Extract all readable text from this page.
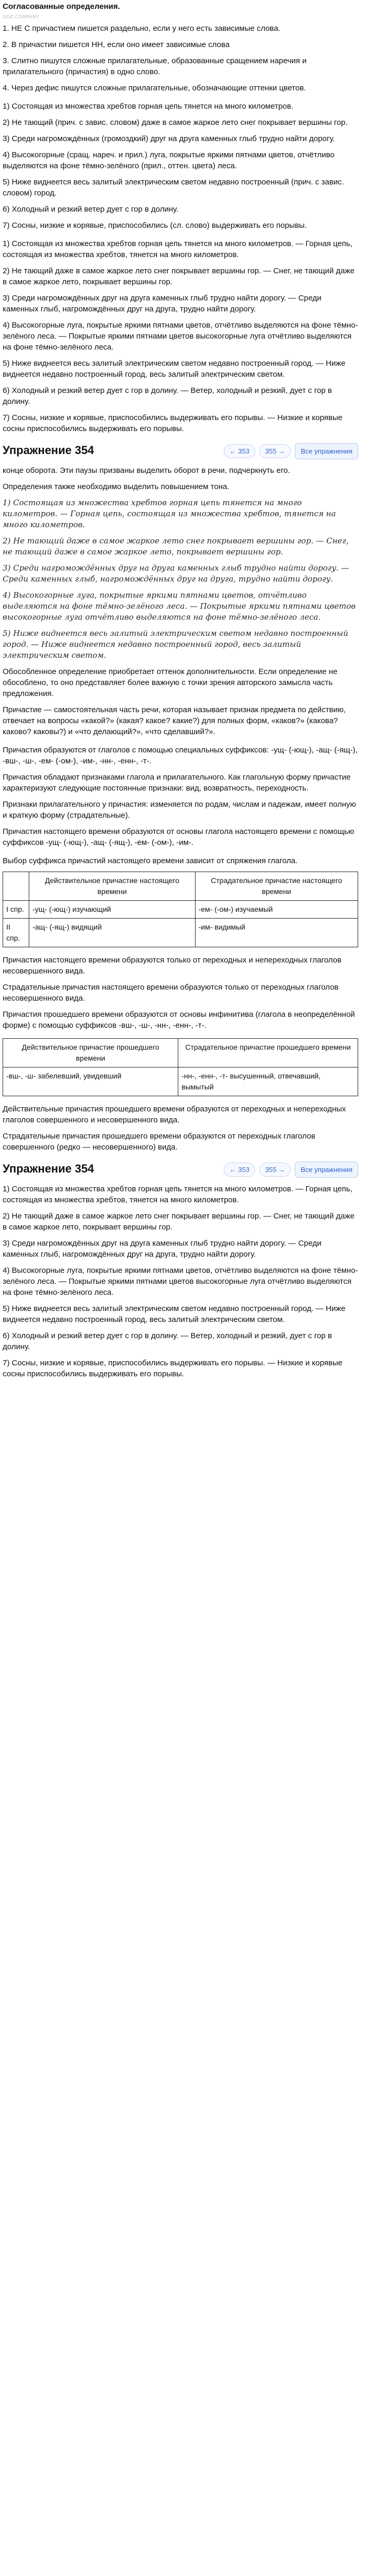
Согласованные определения.
GDZ.COMPANY

1. НЕ С причастием пишется раздельно, если у него есть зависимые слова.

2. В причастии пишется НН, если оно имеет зависимые слова

3. Слитно пишутся сложные прилагательные, образованные сращением наречия и прилагательного (причастия) в одно слово.

4. Через дефис пишутся сложные прилагательные, обозначающие оттенки цветов.

1) Состоящая из множества хребтов горная цепь тянется на много километров.

2) Не тающий (прич. с завис. словом) даже в самое жаркое лето снег покрывает вершины гор.

3) Среди нагромождённых (громоздкий) друг на друга каменных глыб трудно найти дорогу.

4) Высокогорные (сращ. нареч. и прил.) луга, покрытые яркими пятнами цветов, отчётливо выделяются на фоне тёмно-зелёного (прил., оттен. цвета) леса.

5) Ниже виднеется весь залитый электрическим светом недавно построенный (прич. с завис. словом) город.

6) Холодный и резкий ветер дует с гор в долину.

7) Сосны, низкие и корявые, приспособились (сл. слово) выдерживать его порывы.

1) Состоящая из множества хребтов горная цепь тянется на много километров. — Горная цепь, состоящая из множества хребтов, тянется на много километров.

2) Не тающий даже в самое жаркое лето снег покрывает вершины гор. — Снег, не тающий даже в самое жаркое лето, покрывает вершины гор.

3) Среди нагромождённых друг на друга каменных глыб трудно найти дорогу. — Среди каменных глыб, нагромождённых друг на друга, трудно найти дорогу.

4) Высокогорные луга, покрытые яркими пятнами цветов, отчётливо выделяются на фоне тёмно-зелёного леса. — Покрытые яркими пятнами цветов высокогорные луга отчётливо выделяются на фоне тёмно-зелёного леса.

5) Ниже виднеется весь залитый электрическим светом недавно построенный город. — Ниже виднеется недавно построенный город, весь залитый электрическим светом.

6) Холодный и резкий ветер дует с гор в долину. — Ветер, холодный и резкий, дует с гор в долину.

7) Сосны, низкие и корявые, приспособились выдерживать его порывы. — Низкие и корявые сосны приспособились выдерживать его порывы.

Упражнение 354	← 353	355 →	Все упражнения

конце оборота. Эти паузы призваны выделить оборот в речи, подчеркнуть его.

Определения также необходимо выделить повышением тона.

1) Состоящая из множества хребтов горная цепь тянется на много километров. — Горная цепь, состоящая из множества хребтов, тянется на много километров.

2) Не тающий даже в самое жаркое лето снег покрывает вершины гор. — Снег, не тающий даже в самое жаркое лето, покрывает вершины гор.

3) Среди нагромождённых друг на друга каменных глыб трудно найти дорогу. — Среди каменных глыб, нагромождённых друг на друга, трудно найти дорогу.

4) Высокогорные луга, покрытые яркими пятнами цветов, отчётливо выделяются на фоне тёмно-зелёного леса. — Покрытые яркими пятнами цветов высокогорные луга отчётливо выделяются на фоне тёмно-зелёного леса.

5) Ниже виднеется весь залитый электрическим светом недавно построенный город. — Ниже виднеется недавно построенный город, весь залитый электрическим светом.

Обособленное определение приобретает оттенок дополнительности. Если определение не обособлено, то оно представляет более важную с точки зрения авторского замысла часть предложения.

Причастие — самостоятельная часть речи, которая называет признак предмета по действию, отвечает на вопросы «какой?» (какая? какое? какие?) для полных форм, «каков?» (какова? каково? каковы?) и «что делающий?», «что сделавший?».

Причастия образуются от глаголов с помощью специальных суффиксов: -ущ- (-ющ-), -ащ- (-ящ-), -вш-, -ш-, -ем- (-ом-), -им-, -нн-, -енн-, -т-.

Причастия обладают признаками глагола и прилагательного. Как глагольную форму причастие характеризуют следующие постоянные признаки: вид, возвратность, переходность.

Признаки прилагательного у причастия: изменяется по родам, числам и падежам, имеет полную и краткую форму (страдательные).

Причастия настоящего времени образуются от основы глагола настоящего времени с помощью суффиксов -ущ- (-ющ-), -ащ- (-ящ-), -ем- (-ом-), -им-.

Выбор суффикса причастий настоящего времени зависит от спряжения глагола.

	Действительное причастие настоящего времени	Страдательное причастие настоящего времени
I спр.	-ущ- (-ющ-) изучающий	-ем- (-ом-) изучаемый
II спр.	-ащ- (-ящ-) видящий	-им- видимый

Причастия настоящего времени образуются только от переходных и непереходных глаголов несовершенного вида.

Страдательные причастия настоящего времени образуются только от переходных глаголов несовершенного вида.

Причастия прошедшего времени образуются от основы инфинитива (глагола в неопределённой форме) с помощью суффиксов -вш-, -ш-, -нн-, -енн-, -т-.

Действительное причастие прошедшего времени	Страдательное причастие прошедшего времени
-вш-, -ш- забелевший, увидевший	-нн-, -енн-, -т- высушенный, отвечавший, вымытый

Действительные причастия прошедшего времени образуются от переходных и непереходных глаголов совершенного и несовершенного вида.

Страдательные причастия прошедшего времени образуются от переходных глаголов совершенного (редко — несовершенного) вида.

Упражнение 354	← 353	355 →	Все упражнения

1) Состоящая из множества хребтов горная цепь тянется на много километров. — Горная цепь, состоящая из множества хребтов, тянется на много километров.

2) Не тающий даже в самое жаркое лето снег покрывает вершины гор. — Снег, не тающий даже в самое жаркое лето, покрывает вершины гор.

3) Среди нагромождённых друг на друга каменных глыб трудно найти дорогу. — Среди каменных глыб, нагромождённых друг на друга, трудно найти дорогу.

4) Высокогорные луга, покрытые яркими пятнами цветов, отчётливо выделяются на фоне тёмно-зелёного леса. — Покрытые яркими пятнами цветов высокогорные луга отчётливо выделяются на фоне тёмно-зелёного леса.

5) Ниже виднеется весь залитый электрическим светом недавно построенный город. — Ниже виднеется недавно построенный город, весь залитый электрическим светом.

6) Холодный и резкий ветер дует с гор в долину. — Ветер, холодный и резкий, дует с гор в долину.

7) Сосны, низкие и корявые, приспособились выдерживать его порывы. — Низкие и корявые сосны приспособились выдерживать его порывы.
